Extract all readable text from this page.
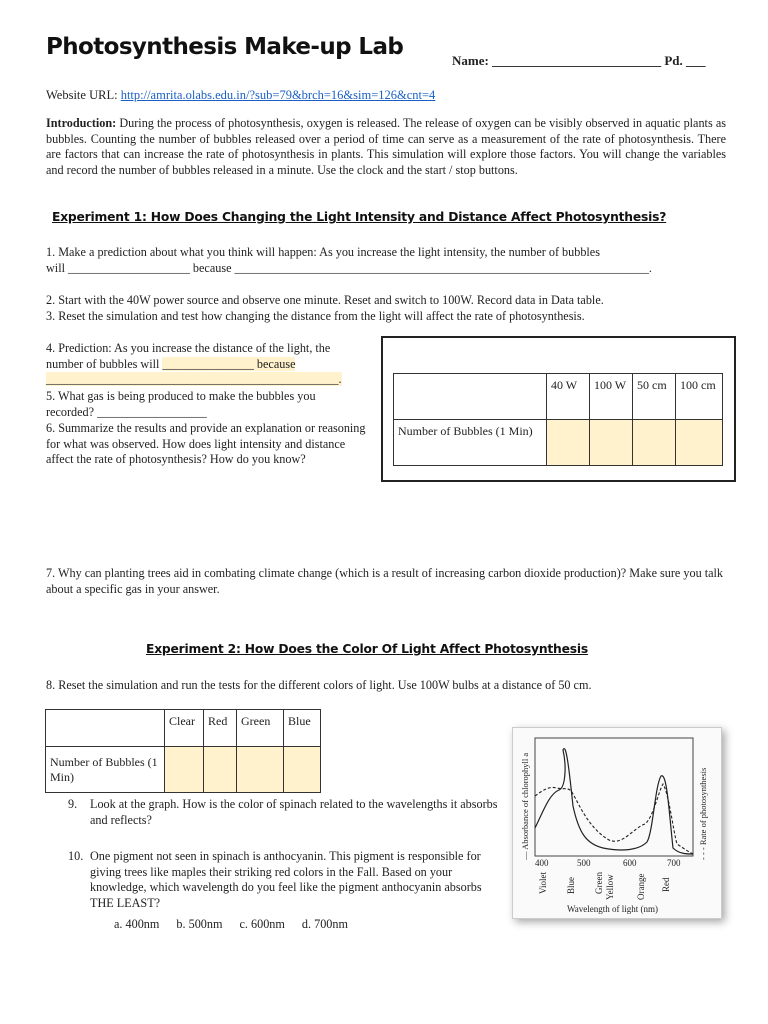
Photosynthesis Make-up Lab
Name: __________________________ Pd. ___
Website URL: http://amrita.olabs.edu.in/?sub=79&brch=16&sim=126&cnt=4
Introduction: During the process of photosynthesis, oxygen is released. The release of oxygen can be visibly observed in aquatic plants as bubbles. Counting the number of bubbles released over a period of time can serve as a measurement of the rate of photosynthesis. There are factors that can increase the rate of photosynthesis in plants. This simulation will explore those factors. You will change the variables and record the number of bubbles released in a minute. Use the clock and the start / stop buttons.
Experiment 1: How Does Changing the Light Intensity and Distance Affect Photosynthesis?
1. Make a prediction about what you think will happen: As you increase the light intensity, the number of bubbles
will ____________________ because ____________________________________________________________________.
2. Start with the 40W power source and observe one minute. Reset and switch to 100W. Record data in Data table.
3. Reset the simulation and test how changing the distance from the light will affect the rate of photosynthesis.
4. Prediction: As you increase the distance of the light, the number of bubbles will _______________ because
________________________________________________.
5. What gas is being produced to make the bubbles you recorded? __________________
6. Summarize the results and provide an explanation or reasoning for what was observed. How does light intensity and distance affect the rate of photosynthesis? How do you know?
	40 W	100 W	50 cm	100 cm
Number of Bubbles (1 Min)				
7. Why can planting trees aid in combating climate change (which is a result of increasing carbon dioxide production)? Make sure you talk about a specific gas in your answer.
Experiment 2: How Does the Color Of Light Affect Photosynthesis
8. Reset the simulation and run the tests for the different colors of light. Use 100W bulbs at a distance of 50 cm.
	Clear	Red	Green	Blue
Number of Bubbles (1 Min)				
9. Look at the graph. How is the color of spinach related to the wavelengths it absorbs and reflects?
10. One pigment not seen in spinach is anthocyanin. This pigment is responsible for giving trees like maples their striking red colors in the Fall. Based on your knowledge, which wavelength do you feel like the pigment anthocyanin absorbs THE LEAST?
a. 400nm b. 500nm c. 600nm d. 700nm
400	500	600	700
Violet Blue Green Yellow Orange Red
Wavelength of light (nm)
— Absorbance of chlorophyll a	- - - Rate of photosynthesis
